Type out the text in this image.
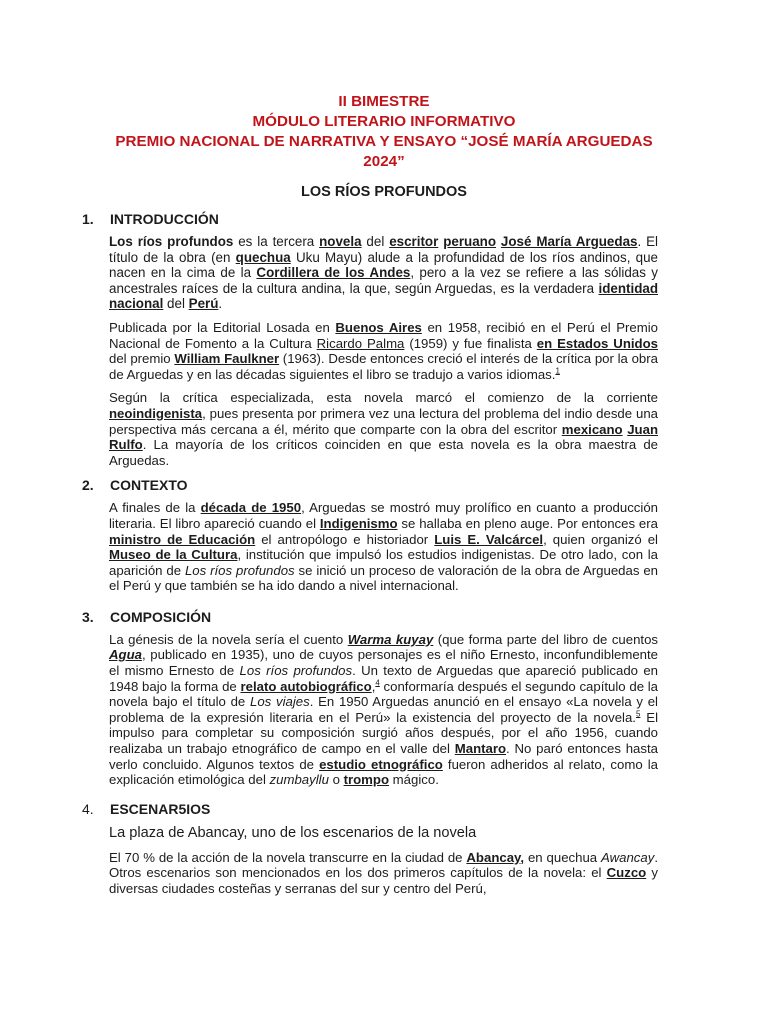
II BIMESTRE
MÓDULO LITERARIO INFORMATIVO
PREMIO NACIONAL DE NARRATIVA Y ENSAYO “JOSÉ MARÍA ARGUEDAS 2024”
LOS RÍOS PROFUNDOS
1.	INTRODUCCIÓN

Los ríos profundos es la tercera novela del escritor peruano José María Arguedas. El título de la obra (en quechua Uku Mayu) alude a la profundidad de los ríos andinos, que nacen en la cima de la Cordillera de los Andes, pero a la vez se refiere a las sólidas y ancestrales raíces de la cultura andina, la que, según Arguedas, es la verdadera identidad nacional del Perú.

Publicada por la Editorial Losada en Buenos Aires en 1958, recibió en el Perú el Premio Nacional de Fomento a la Cultura Ricardo Palma (1959) y fue finalista en Estados Unidos del premio William Faulkner (1963). Desde entonces creció el interés de la crítica por la obra de Arguedas y en las décadas siguientes el libro se tradujo a varios idiomas.$^1$

Según la crítica especializada, esta novela marcó el comienzo de la corriente neoindigenista, pues presenta por primera vez una lectura del problema del indio desde una perspectiva más cercana a él, mérito que comparte con la obra del escritor mexicano Juan Rulfo. La mayoría de los críticos coinciden en que esta novela es la obra maestra de Arguedas.

2.	CONTEXTO

A finales de la década de 1950, Arguedas se mostró muy prolífico en cuanto a producción literaria. El libro apareció cuando el Indigenismo se hallaba en pleno auge. Por entonces era ministro de Educación el antropólogo e historiador Luis E. Valcárcel, quien organizó el Museo de la Cultura, institución que impulsó los estudios indigenistas. De otro lado, con la aparición de Los ríos profundos se inició un proceso de valoración de la obra de Arguedas en el Perú y que también se ha ido dando a nivel internacional.

3.	COMPOSICIÓN

La génesis de la novela sería el cuento Warma kuyay (que forma parte del libro de cuentos Agua, publicado en 1935), uno de cuyos personajes es el niño Ernesto, inconfundiblemente el mismo Ernesto de Los ríos profundos. Un texto de Arguedas que apareció publicado en 1948 bajo la forma de relato autobiográfico,$^4$ conformaría después el segundo capítulo de la novela bajo el título de Los viajes. En 1950 Arguedas anunció en el ensayo «La novela y el problema de la expresión literaria en el Perú» la existencia del proyecto de la novela.$^5$ El impulso para completar su composición surgió años después, por el año 1956, cuando realizaba un trabajo etnográfico de campo en el valle del Mantaro. No paró entonces hasta verlo concluido. Algunos textos de estudio etnográfico fueron adheridos al relato, como la explicación etimológica del zumbayllu o trompo mágico.

4.	ESCENAR5IOS
La plaza de Abancay, uno de los escenarios de la novela

El 70 % de la acción de la novela transcurre en la ciudad de Abancay, en quechua Awancay. Otros escenarios son mencionados en los dos primeros capítulos de la novela: el Cuzco y diversas ciudades costeñas y serranas del sur y centro del Perú,
